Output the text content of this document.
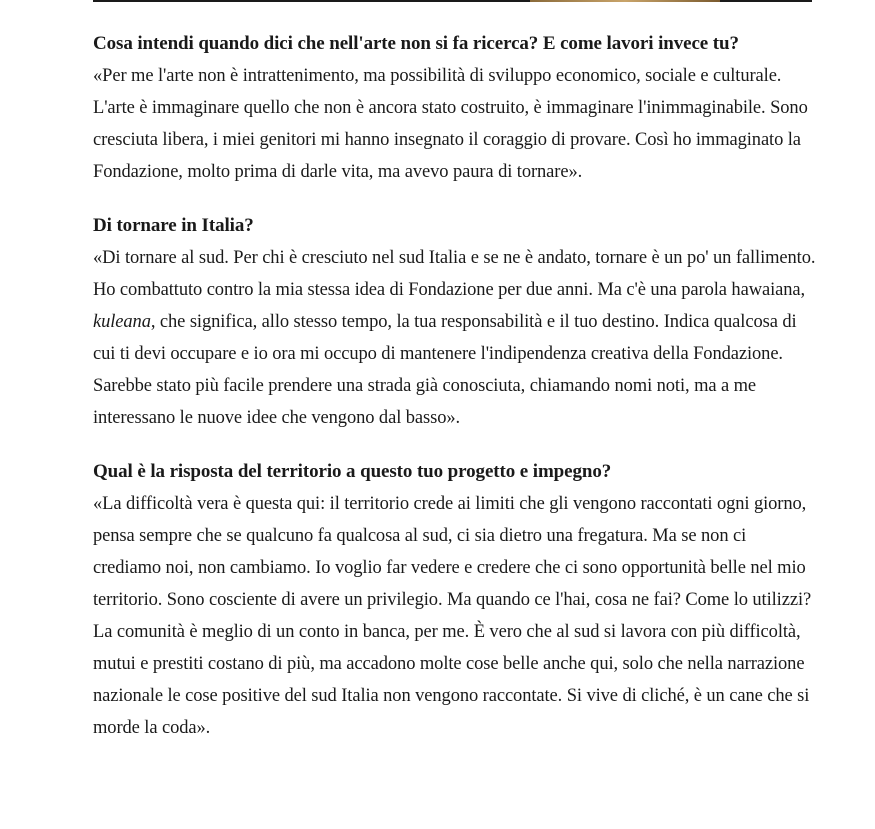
Cosa intendi quando dici che nell'arte non si fa ricerca? E come lavori invece tu?

«Per me l'arte non è intrattenimento, ma possibilità di sviluppo economico, sociale e culturale. L'arte è immaginare quello che non è ancora stato costruito, è immaginare l'inimmaginabile. Sono cresciuta libera, i miei genitori mi hanno insegnato il coraggio di provare. Così ho immaginato la Fondazione, molto prima di darle vita, ma avevo paura di tornare».

Di tornare in Italia?

«Di tornare al sud. Per chi è cresciuto nel sud Italia e se ne è andato, tornare è un po' un fallimento. Ho combattuto contro la mia stessa idea di Fondazione per due anni. Ma c'è una parola hawaiana, kuleana, che significa, allo stesso tempo, la tua responsabilità e il tuo destino. Indica qualcosa di cui ti devi occupare e io ora mi occupo di mantenere l'indipendenza creativa della Fondazione. Sarebbe stato più facile prendere una strada già conosciuta, chiamando nomi noti, ma a me interessano le nuove idee che vengono dal basso».

Qual è la risposta del territorio a questo tuo progetto e impegno?

«La difficoltà vera è questa qui: il territorio crede ai limiti che gli vengono raccontati ogni giorno, pensa sempre che se qualcuno fa qualcosa al sud, ci sia dietro una fregatura. Ma se non ci crediamo noi, non cambiamo. Io voglio far vedere e credere che ci sono opportunità belle nel mio territorio. Sono cosciente di avere un privilegio. Ma quando ce l'hai, cosa ne fai? Come lo utilizzi? La comunità è meglio di un conto in banca, per me. È vero che al sud si lavora con più difficoltà, mutui e prestiti costano di più, ma accadono molte cose belle anche qui, solo che nella narrazione nazionale le cose positive del sud Italia non vengono raccontate. Si vive di cliché, è un cane che si morde la coda».
